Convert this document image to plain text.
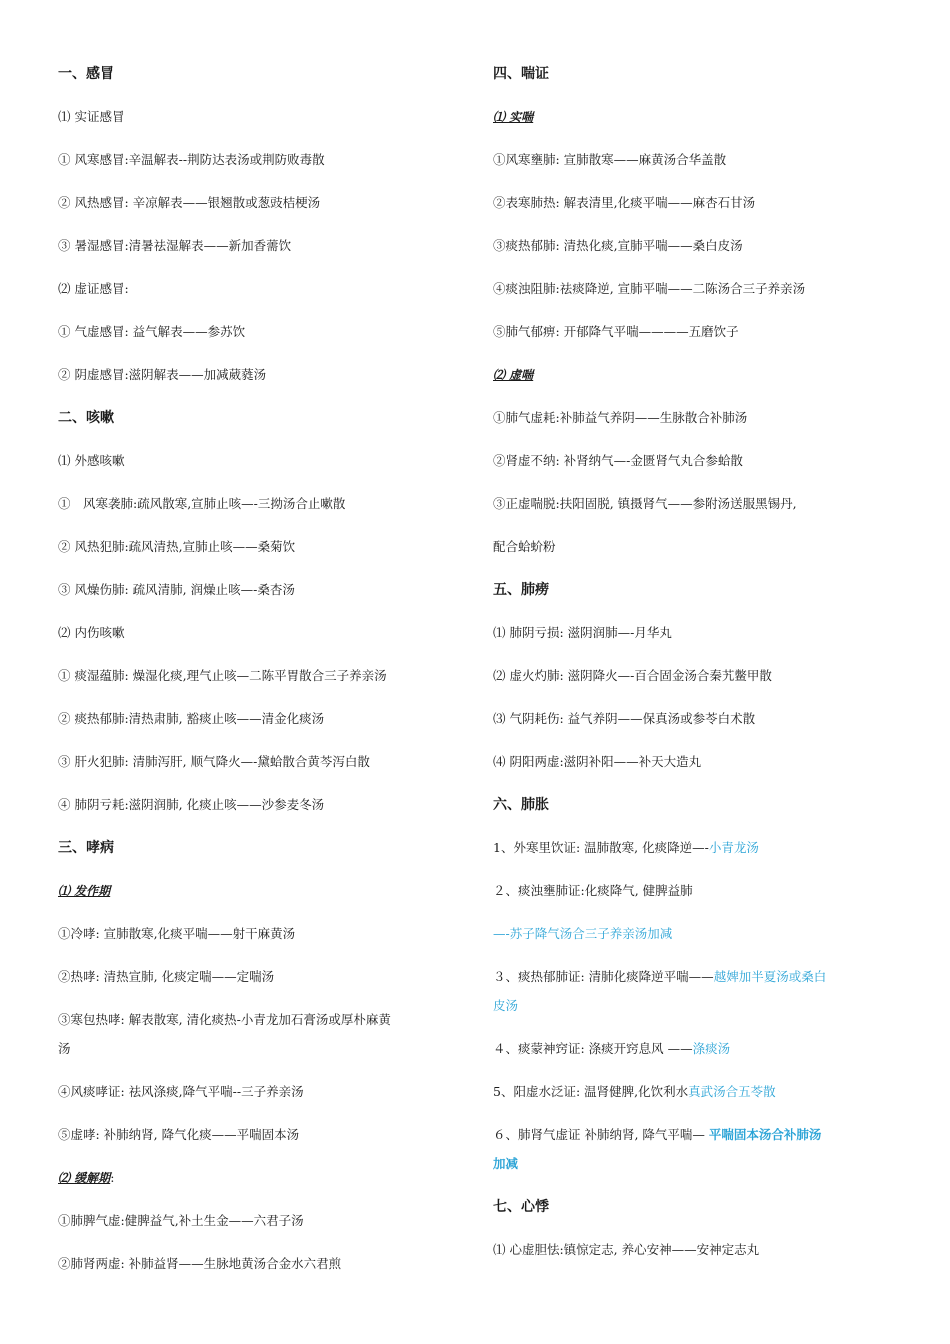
一、感冒
⑴ 实证感冒
① 风寒感冒:辛温解表--荆防达表汤或荆防败毒散
② 风热感冒: 辛凉解表——银翘散或葱豉桔梗汤
③ 暑湿感冒:清暑祛湿解表——新加香薷饮
⑵ 虚证感冒:
① 气虚感冒: 益气解表——参苏饮
② 阴虚感冒:滋阴解表——加减葳蕤汤
二、咳嗽
⑴ 外感咳嗽
①　风寒袭肺:疏风散寒,宣肺止咳—-三拗汤合止嗽散
② 风热犯肺:疏风清热,宣肺止咳——桑菊饮
③ 风燥伤肺: 疏风清肺, 润燥止咳—-桑杏汤
⑵ 内伤咳嗽
① 痰湿蕴肺: 燥湿化痰,理气止咳—二陈平胃散合三子养亲汤
② 痰热郁肺:清热肃肺, 豁痰止咳——清金化痰汤
③ 肝火犯肺: 清肺泻肝, 顺气降火—-黛蛤散合黄芩泻白散
④ 肺阴亏耗:滋阴润肺, 化痰止咳——沙参麦冬汤
三、哮病
⑴ 发作期
①冷哮: 宣肺散寒,化痰平喘——射干麻黄汤
②热哮: 清热宣肺, 化痰定喘——定喘汤
③寒包热哮: 解表散寒, 清化痰热-小青龙加石膏汤或厚朴麻黄
汤
④风痰哮证: 祛风涤痰,降气平喘--三子养亲汤
⑤虚哮: 补肺纳肾, 降气化痰——平喘固本汤
⑵ 缓解期:
①肺脾气虚:健脾益气,补土生金——六君子汤
②肺肾两虚: 补肺益肾——生脉地黄汤合金水六君煎
四、喘证
⑴ 实喘
①风寒壅肺: 宣肺散寒——麻黄汤合华盖散
②表寒肺热: 解表清里,化痰平喘——麻杏石甘汤
③痰热郁肺: 清热化痰,宣肺平喘——桑白皮汤
④痰浊阻肺:祛痰降逆, 宣肺平喘——二陈汤合三子养亲汤
⑤肺气郁痹: 开郁降气平喘————五磨饮子
⑵ 虚喘
①肺气虚耗:补肺益气养阴——生脉散合补肺汤
②肾虚不纳: 补肾纳气—-金匮肾气丸合参蛤散
③正虚喘脱:扶阳固脱, 镇摄肾气——参附汤送服黑锡丹,
配合蛤蚧粉
五、肺痨
⑴ 肺阴亏损: 滋阴润肺—-月华丸
⑵ 虚火灼肺: 滋阴降火—-百合固金汤合秦艽鳖甲散
⑶ 气阴耗伤: 益气养阴——保真汤或参苓白术散
⑷ 阴阳两虚:滋阴补阳——补天大造丸
六、肺胀
1、外寒里饮证: 温肺散寒, 化痰降逆—-小青龙汤
２、痰浊壅肺证:化痰降气, 健脾益肺
—-苏子降气汤合三子养亲汤加减
３、痰热郁肺证: 清肺化痰降逆平喘——越婢加半夏汤或桑白
皮汤
４、痰蒙神窍证: 涤痰开窍息风 ——涤痰汤
5、阳虚水泛证: 温肾健脾,化饮利水真武汤合五苓散
６、肺肾气虚证 补肺纳肾, 降气平喘— 平喘固本汤合补肺汤
加减
七、心悸
⑴ 心虚胆怯:镇惊定志, 养心安神——安神定志丸
